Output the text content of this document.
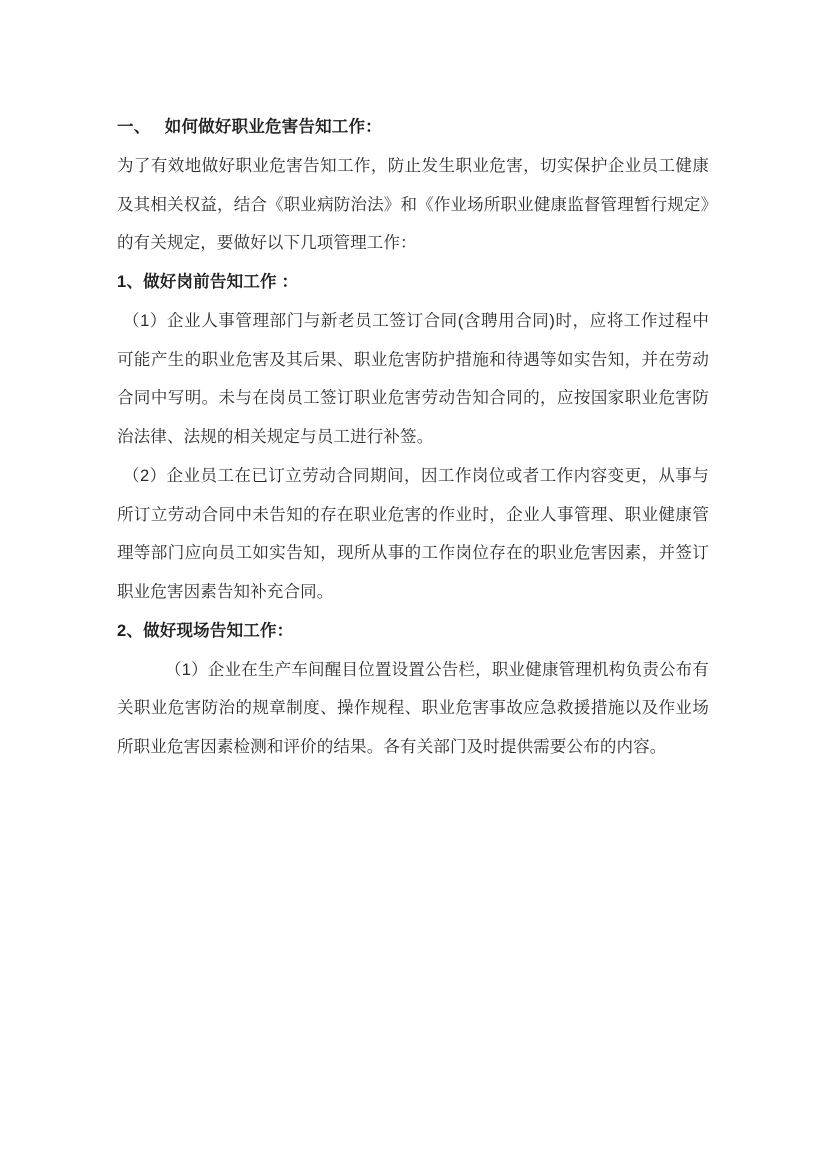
一、 如何做好职业危害告知工作：

为了有效地做好职业危害告知工作，防止发生职业危害，切实保护企业员工健康及其相关权益，结合《职业病防治法》和《作业场所职业健康监督管理暂行规定》的有关规定，要做好以下几项管理工作：

1、做好岗前告知工作 ：

（1）企业人事管理部门与新老员工签订合同(含聘用合同)时，应将工作过程中可能产生的职业危害及其后果、职业危害防护措施和待遇等如实告知，并在劳动合同中写明。未与在岗员工签订职业危害劳动告知合同的，应按国家职业危害防治法律、法规的相关规定与员工进行补签。

（2）企业员工在已订立劳动合同期间，因工作岗位或者工作内容变更，从事与所订立劳动合同中未告知的存在职业危害的作业时，企业人事管理、职业健康管理等部门应向员工如实告知，现所从事的工作岗位存在的职业危害因素，并签订职业危害因素告知补充合同。

2、做好现场告知工作：

（1）企业在生产车间醒目位置设置公告栏，职业健康管理机构负责公布有关职业危害防治的规章制度、操作规程、职业危害事故应急救援措施以及作业场所职业危害因素检测和评价的结果。各有关部门及时提供需要公布的内容。
